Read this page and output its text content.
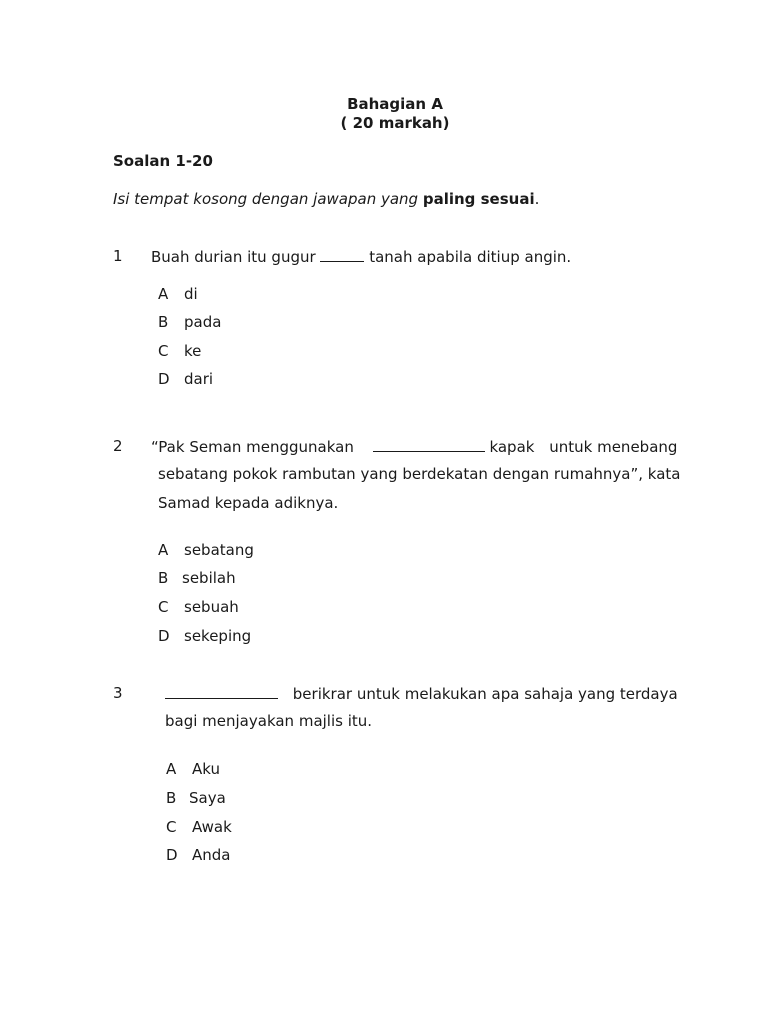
Bahagian A
( 20 markah)
Soalan 1-20
Isi tempat kosong dengan jawapan yang paling sesuai.
1 Buah durian itu gugur	tanah apabila ditiup angin.
A di
B pada
C ke
D dari
2 “Pak Seman menggunakan	kapak untuk menebang
sebatang pokok rambutan yang berdekatan dengan rumahnya”, kata
Samad kepada adiknya.
A sebatang
B sebilah
C sebuah
D sekeping
3	berikrar untuk melakukan apa sahaja yang terdaya
bagi menjayakan majlis itu.
A Aku
B Saya
C Awak
D Anda
